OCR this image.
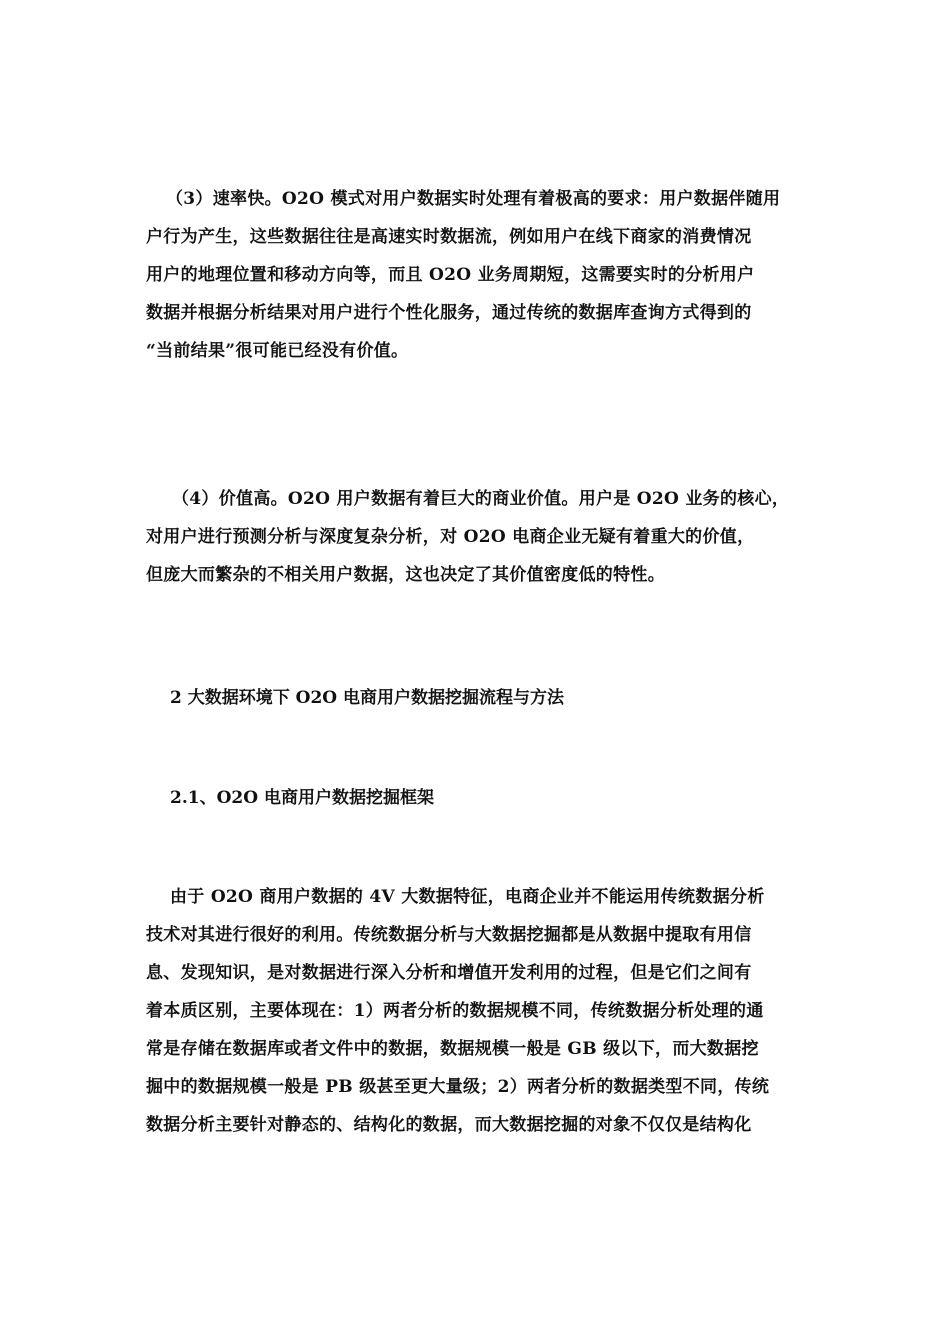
（3）速率快。O2O 模式对用户数据实时处理有着极高的要求：用户数据伴随用
户行为产生，这些数据往往是高速实时数据流，例如用户在线下商家的消费情况
用户的地理位置和移动方向等，而且 O2O 业务周期短，这需要实时的分析用户
数据并根据分析结果对用户进行个性化服务，通过传统的数据库查询方式得到的
“当前结果”很可能已经没有价值。
（4）价值高。O2O 用户数据有着巨大的商业价值。用户是 O2O 业务的核心，
对用户进行预测分析与深度复杂分析，对 O2O 电商企业无疑有着重大的价值，
但庞大而繁杂的不相关用户数据，这也决定了其价值密度低的特性。
2 大数据环境下 O2O 电商用户数据挖掘流程与方法
2.1、O2O 电商用户数据挖掘框架
由于 O2O 商用户数据的 4V 大数据特征，电商企业并不能运用传统数据分析
技术对其进行很好的利用。传统数据分析与大数据挖掘都是从数据中提取有用信
息、发现知识，是对数据进行深入分析和增值开发利用的过程，但是它们之间有
着本质区别，主要体现在：1）两者分析的数据规模不同，传统数据分析处理的通
常是存储在数据库或者文件中的数据，数据规模一般是 GB 级以下，而大数据挖
掘中的数据规模一般是 PB 级甚至更大量级；2）两者分析的数据类型不同，传统
数据分析主要针对静态的、结构化的数据，而大数据挖掘的对象不仅仅是结构化
